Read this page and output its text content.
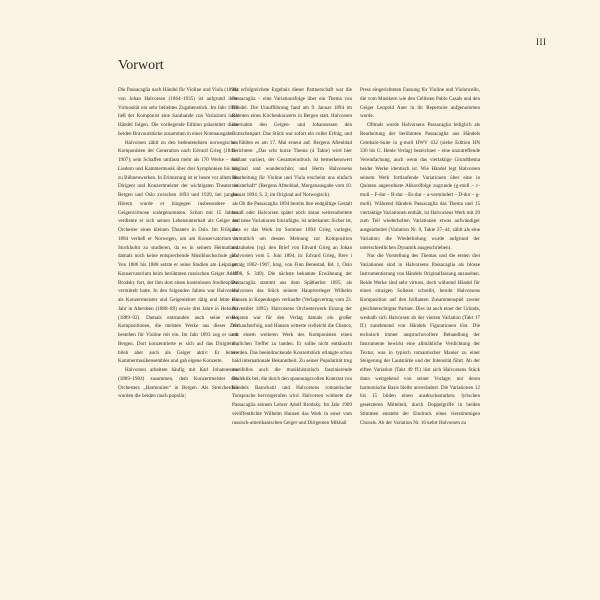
III
Vorwort

Die Passacaglia nach Händel für Violine und Viola (1894) von Johan Halvorsen (1864–1935) ist aufgrund ihrer Virtuosität ein sehr beliebtes Zugabenstück. Im Jahr 1898 ließ der Komponist eine Sarabande con Variazioni nach Händel folgen. Die vorliegende Edition präsentiert diese beiden Bravourstücke zusammen in einer Notenausgabe.

Halvorsen zählt zu den bedeutendsten norwegischen Komponisten der Generation nach Edvard Grieg (1843–1907); sein Schaffen umfasst mehr als 170 Werke – von Liedern und Kammermusik über drei Symphonien bis hin zu Bühnenwerken. In Erinnerung ist er heute vor allem als Dirigent und Konzertmeister der wichtigsten Theater in Bergen und Oslo zwischen 1893 und 1929, bei jungen Hörern wurde er hingegen insbesondere als Geigenvirtuose wahrgenommen. Schon mit 15 Jahren verdiente er sich seinen Lebensunterhalt als Geiger im Orchester eines kleinen Theaters in Oslo. Im Frühjahr 1884 verließ er Norwegen, um am Konservatorium in Stockholm zu studieren, da es in seinem Heimatland damals noch keine entsprechende Musikhochschule gab. Von 1886 bis 1888 setzte er seine Studien am Leipziger Konservatorium beim berühmten russischen Geiger Adolf Brodsky fort, der ihm dort einen kostenlosen Studienplatz vermittelt hatte. In den folgenden Jahren war Halvorsen als Konzertmeister und Geigenlehrer tätig und lebte ein Jahr in Aberdeen (1888–89) sowie drei Jahre in Helsinki (1889–92). Damals entstanden auch seine ersten Kompositionen, die meisten Werke aus dieser Zeit bestehen für Violine mit ein. Im Jahr 1893 zog er nach Bergen. Dort konzentrierte er sich auf das Dirigieren, blieb aber auch als Geiger aktiv: Er leitete Kammermusikensembles und gab eigene Konzerte.

Halvorsen arbeitete häufig mit Karl Johannessen (1869–1904) zusammen, dem Konzertmeister des Orchesters „Harmonien“ in Bergen. Als Streicherduo wurden die beiden rasch populär;

das erfolgreichste Ergebnis dieser Partnerschaft war die Passacaglia – eine Variationsfolge über ein Thema von Händel. Die Uraufführung fand am 9. Januar 1894 im Rahmen eines Kirchenkonzerts in Bergen statt. Halvorsen übernahm den Geigen- und Johannessen den Bratschenpart. Das Stück war sofort ein voller Erfolg, und so fühlten es am 17. Mai erneut auf. Bergens Aftenblad berichtete: „Das schr kurze Thema (4 Takte) wird hier brillant variiert, der Gesamteindruck ist bemerkenswert original und wunderschön; und Herrn Halvorsens Bearbeitung für Violine und Viola erscheint uns einfach meisterhaft“ (Bergens Aftenblad, Morgenausgabe vom 10. Januar 1894, S. 2; im Original auf Norwegisch).

Ob die Passacaglia 1894 bereits ihre endgültige Gestalt besaß oder Halvorsen später noch daran weiterarbeitete und neue Variationen hinzufügte, ist unbekannt. Sicher ist, dass er das Werk im Sommer 1894 Grieg vorlegte, vermutlich um dessen Meinung zur Komposition einzuholen (vgl. den Brief von Edvard Grieg an Johan Halvorsen vom 5. Juni 1894, in: Edvard Grieg, Brev i utvalg 1862–1907, hrsg. von Finn Benestad, Bd. 1, Oslo 1998, S. 349). Die nächste bekannte Erwähnung der Passacaglia stammt aus dem Spätherbst 1895, als Halvorsen das Stück seinem Hauptverleger Wilhelm Hansen in Kopenhagen verkaufte (Verlagsvertrag vom 23. November 1895). Halvorsens Orchesterwerk Einzug der Bojaren war für den Verlag damals ein großer Verkaufserfolg, und Hansen witterte vielleicht die Chance, mit einem weiteren Werk des Komponisten einen ähnlichen Treffer zu landen. Er sollte nicht enttäuscht werden. Das beeindruckende Konzertstück erlangte schon bald internationale Bekanntheit. Zu seiner Popularität trug zweifellos auch die musikhistorisch faszinierende Dialektik bei, die durch den spannungsvollen Kontrast von Händels Barockstil und Halvorsens romantischer Tonsprache hervorgerufen wird. Halvorsen widmete die Passacaglia seinem Lehrer Adolf Brodsky. Im Jahr 1909 veröffentlichte Wilhelm Hansen das Werk in einer vom russisch-amerikanischen Geiger und Dirigenten Mikhail

Press eingerichteten Fassung für Violine und Violoncello, die vom Musikern wie den Cellisten Pablo Casals und den Geiger Leopold Auer in ihr Repertoire aufgenommen wurde.

Oftmals wurde Halvorsens Passacaglia lediglich als Bearbeitung der berühmten Passacaglia aus Händels Cembalo-Suite in g-moll HWV 432 (siehe Edition HN 336 bis G. Henle Verlag) bezeichnet – eine unzutreffende Vereinfachung, auch wenn das viertaktige Grundthema beider Werke identisch ist. Wie Händel legt Halvorsen seinem Werk fortlaufende Variationen über eine in Quinten angeordnete Akkordfolge zugrunde (g-moll – c-moll – F-dur – B-dur – Es-dur – a-vermindert – D-dur – g-moll). Während Händels Passacaglia das Thema und 15 viertaktige Variationen enthält, ist Halvorsens Werk mit 20 zum Teil wiederholten Variationen etwas aufwändiger ausgearbeitet (Variation Nr. 9, Takte 37–44, zählt als eine Variation; die Wiederholung wurde aufgrund der unterschiedlichen Dynamik ausgeschrieben).

Nur die Vorstellung des Themas und die ersten drei Variationen sind in Halvorsens Passacaglia als blosse Instrumentierung von Händels Originalfassung anzusehen. Beide Werke sind sehr virtuos, doch während Händel für einen einzigen Solisten schreibt, beruht Halvorsens Komposition auf den brillanten Zusammenspiel zweier gleichberechtigter Partner. Dies ist auch einer der Gründe, weshalb sich Halvorsen ab der vierten Variation (Takt 17 ff.) zunehmend von Händels Figurationen löst. Die technisch immer anspruchsvollere Behandlung der Instrumente bewirkt eine allmähliche Verdichtung der Textur, was in typisch romantischer Manier zu einer Steigerung der Lautstärke und der Intensität führt. Ab der elften Variation (Takt 49 ff.) löst sich Halvorsens Stück dann weitgehend von seiner Vorlage; nur deren harmonische Basis bleibt unverändert. Die Variationen 12 bis 15 bilden einen ausdrucksstarken, lyrischen gesetzteren Mittelteil, durch Doppelgriffe in beiden Stimmen entsteht der Eindruck eines vierstimmigen Chorals. Ab der Variation Nr. 16 kehrt Halvorsen zu
